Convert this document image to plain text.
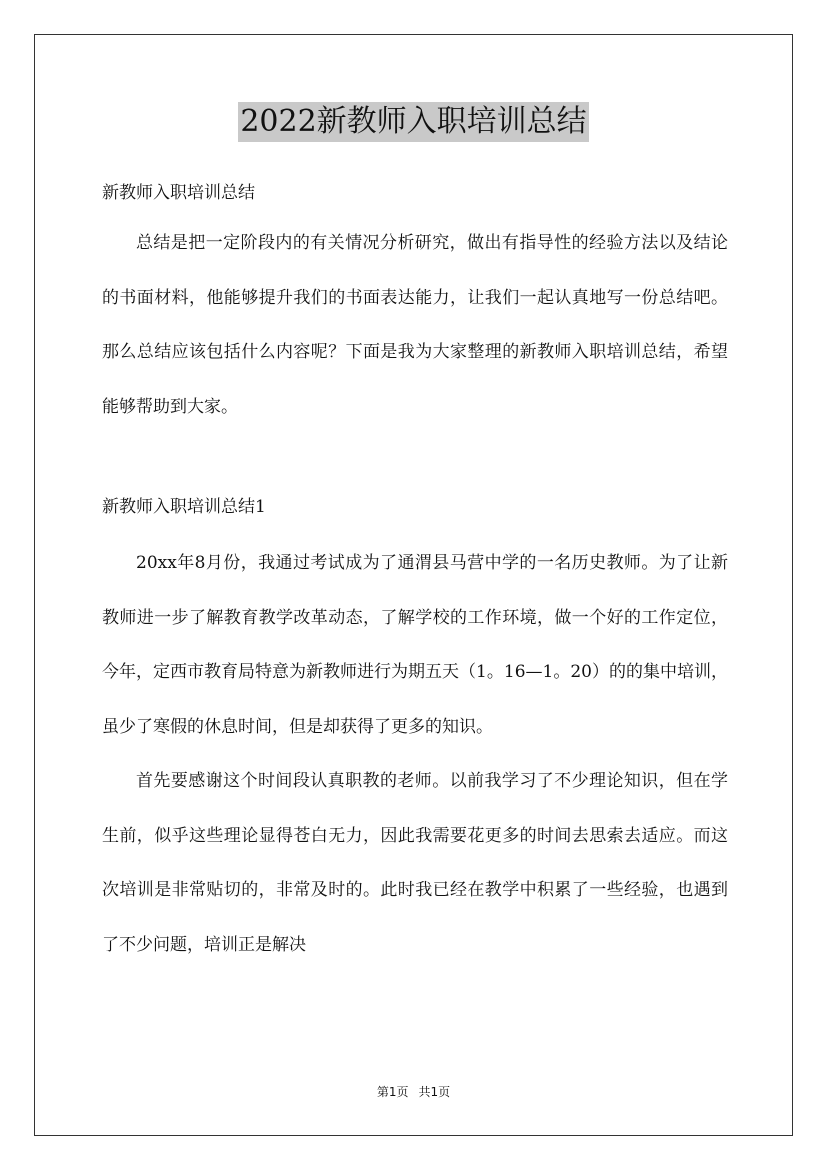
2022新教师入职培训总结

新教师入职培训总结

总结是把一定阶段内的有关情况分析研究，做出有指导性的经验方法以及结论的书面材料，他能够提升我们的书面表达能力，让我们一起认真地写一份总结吧。那么总结应该包括什么内容呢？下面是我为大家整理的新教师入职培训总结，希望能够帮助到大家。

新教师入职培训总结1

20xx年8月份，我通过考试成为了通渭县马营中学的一名历史教师。为了让新教师进一步了解教育教学改革动态，了解学校的工作环境，做一个好的工作定位，今年，定西市教育局特意为新教师进行为期五天（1。16—1。20）的的集中培训，虽少了寒假的休息时间，但是却获得了更多的知识。

首先要感谢这个时间段认真职教的老师。以前我学习了不少理论知识，但在学生前，似乎这些理论显得苍白无力，因此我需要花更多的时间去思索去适应。而这次培训是非常贴切的，非常及时的。此时我已经在教学中积累了一些经验，也遇到了不少问题，培训正是解决

第1页 共1页
